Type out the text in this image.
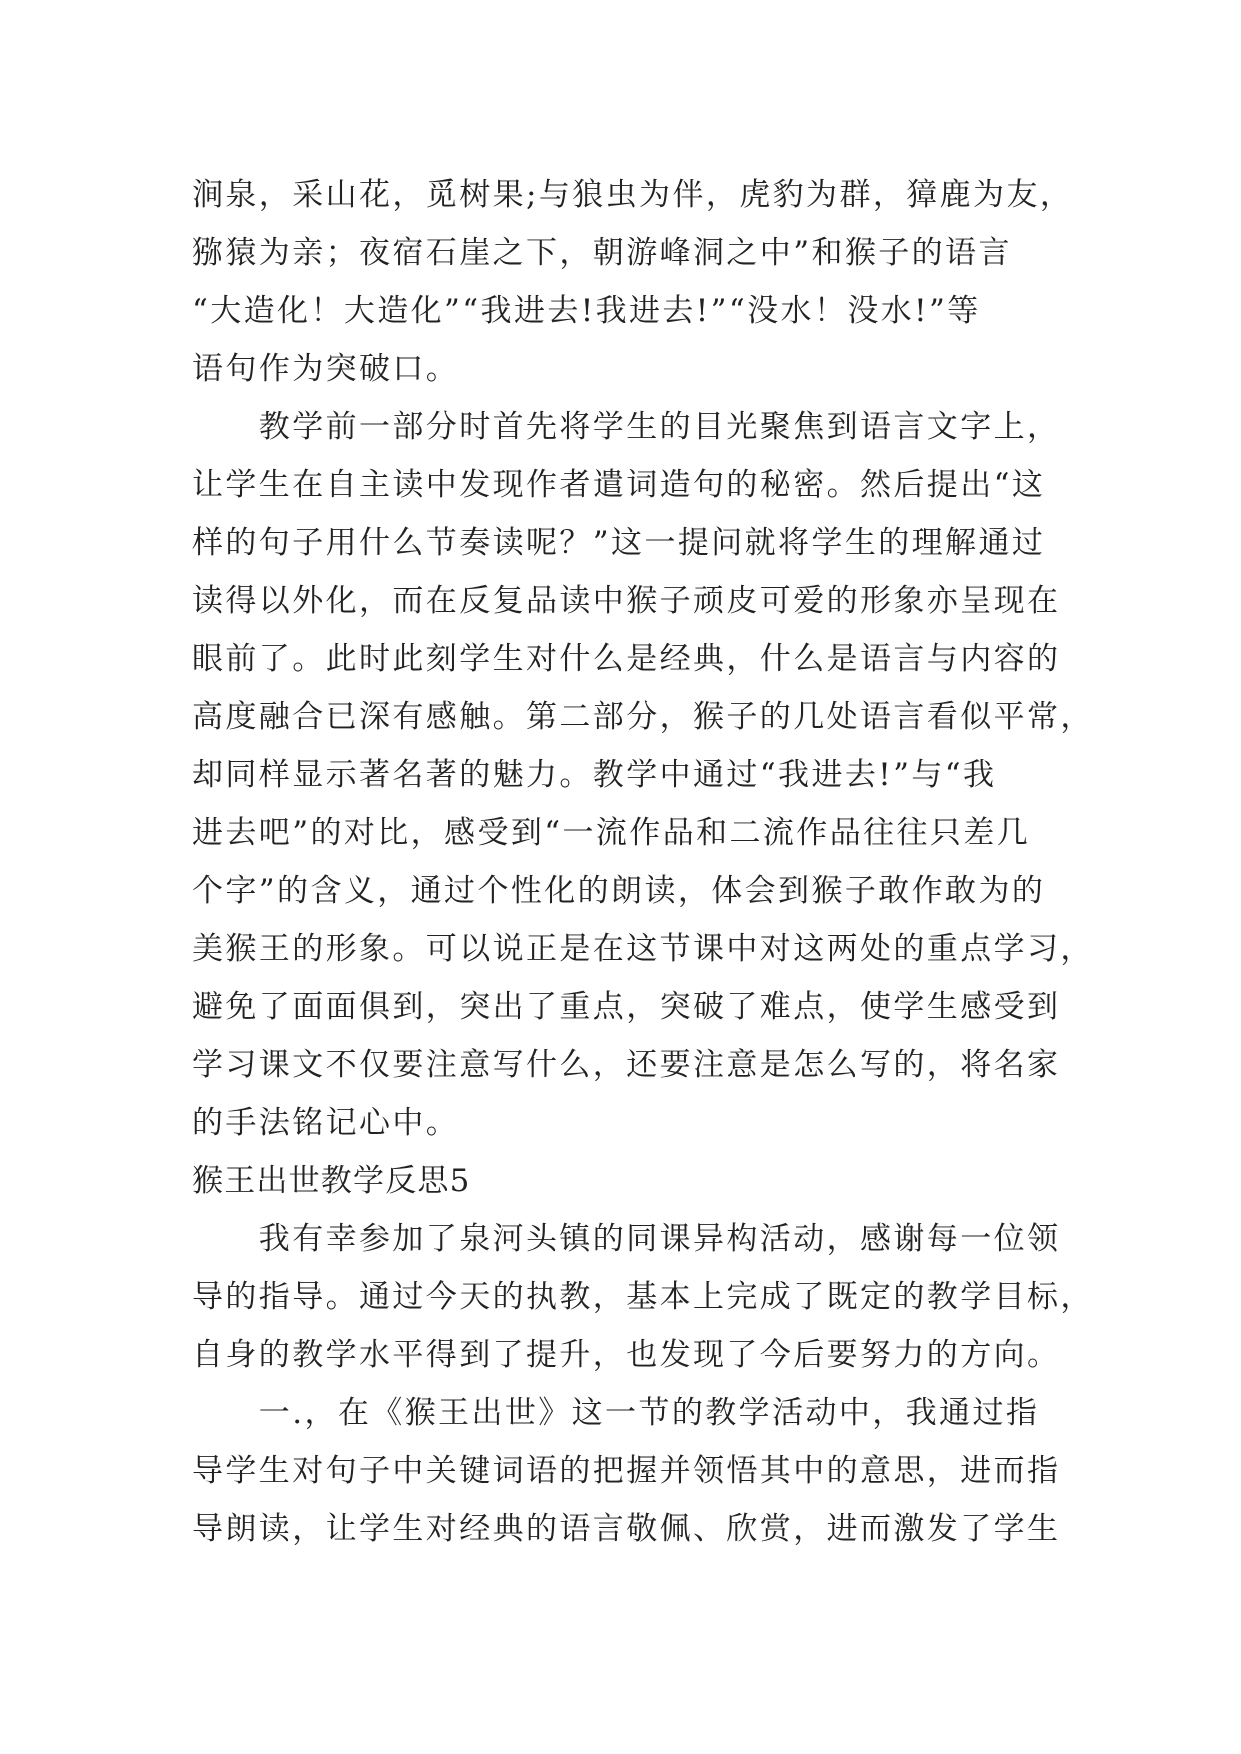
涧泉，采山花，觅树果;与狼虫为伴，虎豹为群，獐鹿为友，
猕猿为亲；夜宿石崖之下，朝游峰洞之中”和猴子的语言
“大造化！大造化”“我进去!我进去!”“没水！没水!”等
语句作为突破口。
　　教学前一部分时首先将学生的目光聚焦到语言文字上，
让学生在自主读中发现作者遣词造句的秘密。然后提出“这
样的句子用什么节奏读呢？”这一提问就将学生的理解通过
读得以外化，而在反复品读中猴子顽皮可爱的形象亦呈现在
眼前了。此时此刻学生对什么是经典，什么是语言与内容的
高度融合已深有感触。第二部分，猴子的几处语言看似平常，
却同样显示著名著的魅力。教学中通过“我进去!”与“我
进去吧”的对比，感受到“一流作品和二流作品往往只差几
个字”的含义，通过个性化的朗读，体会到猴子敢作敢为的
美猴王的形象。可以说正是在这节课中对这两处的重点学习，
避免了面面俱到，突出了重点，突破了难点，使学生感受到
学习课文不仅要注意写什么，还要注意是怎么写的，将名家
的手法铭记心中。
猴王出世教学反思5
　　我有幸参加了泉河头镇的同课异构活动，感谢每一位领
导的指导。通过今天的执教，基本上完成了既定的教学目标，
自身的教学水平得到了提升，也发现了今后要努力的方向。
　　一.，在《猴王出世》这一节的教学活动中，我通过指
导学生对句子中关键词语的把握并领悟其中的意思，进而指
导朗读，让学生对经典的语言敬佩、欣赏，进而激发了学生
